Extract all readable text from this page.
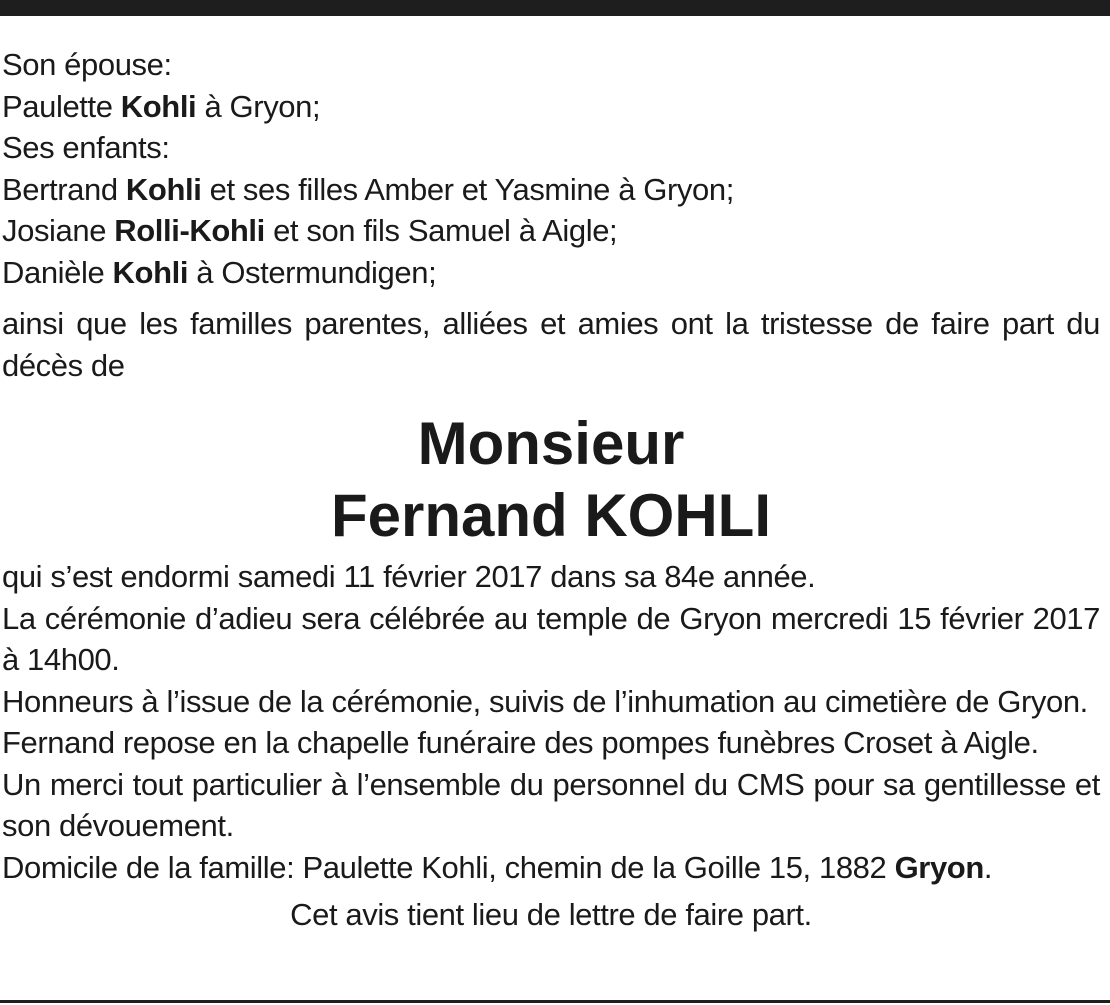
Son épouse:
Paulette Kohli à Gryon;
Ses enfants:
Bertrand Kohli et ses filles Amber et Yasmine à Gryon;
Josiane Rolli-Kohli et son fils Samuel à Aigle;
Danièle Kohli à Ostermundigen;
ainsi que les familles parentes, alliées et amies ont la tristesse de faire part du décès de
Monsieur
Fernand KOHLI
qui s’est endormi samedi 11 février 2017 dans sa 84e année.
La cérémonie d’adieu sera célébrée au temple de Gryon mercredi 15 février 2017 à 14h00.
Honneurs à l’issue de la cérémonie, suivis de l’inhumation au cimetière de Gryon.
Fernand repose en la chapelle funéraire des pompes funèbres Croset à Aigle.
Un merci tout particulier à l’ensemble du personnel du CMS pour sa gentillesse et son dévouement.
Domicile de la famille: Paulette Kohli, chemin de la Goille 15, 1882 Gryon.
Cet avis tient lieu de lettre de faire part.
